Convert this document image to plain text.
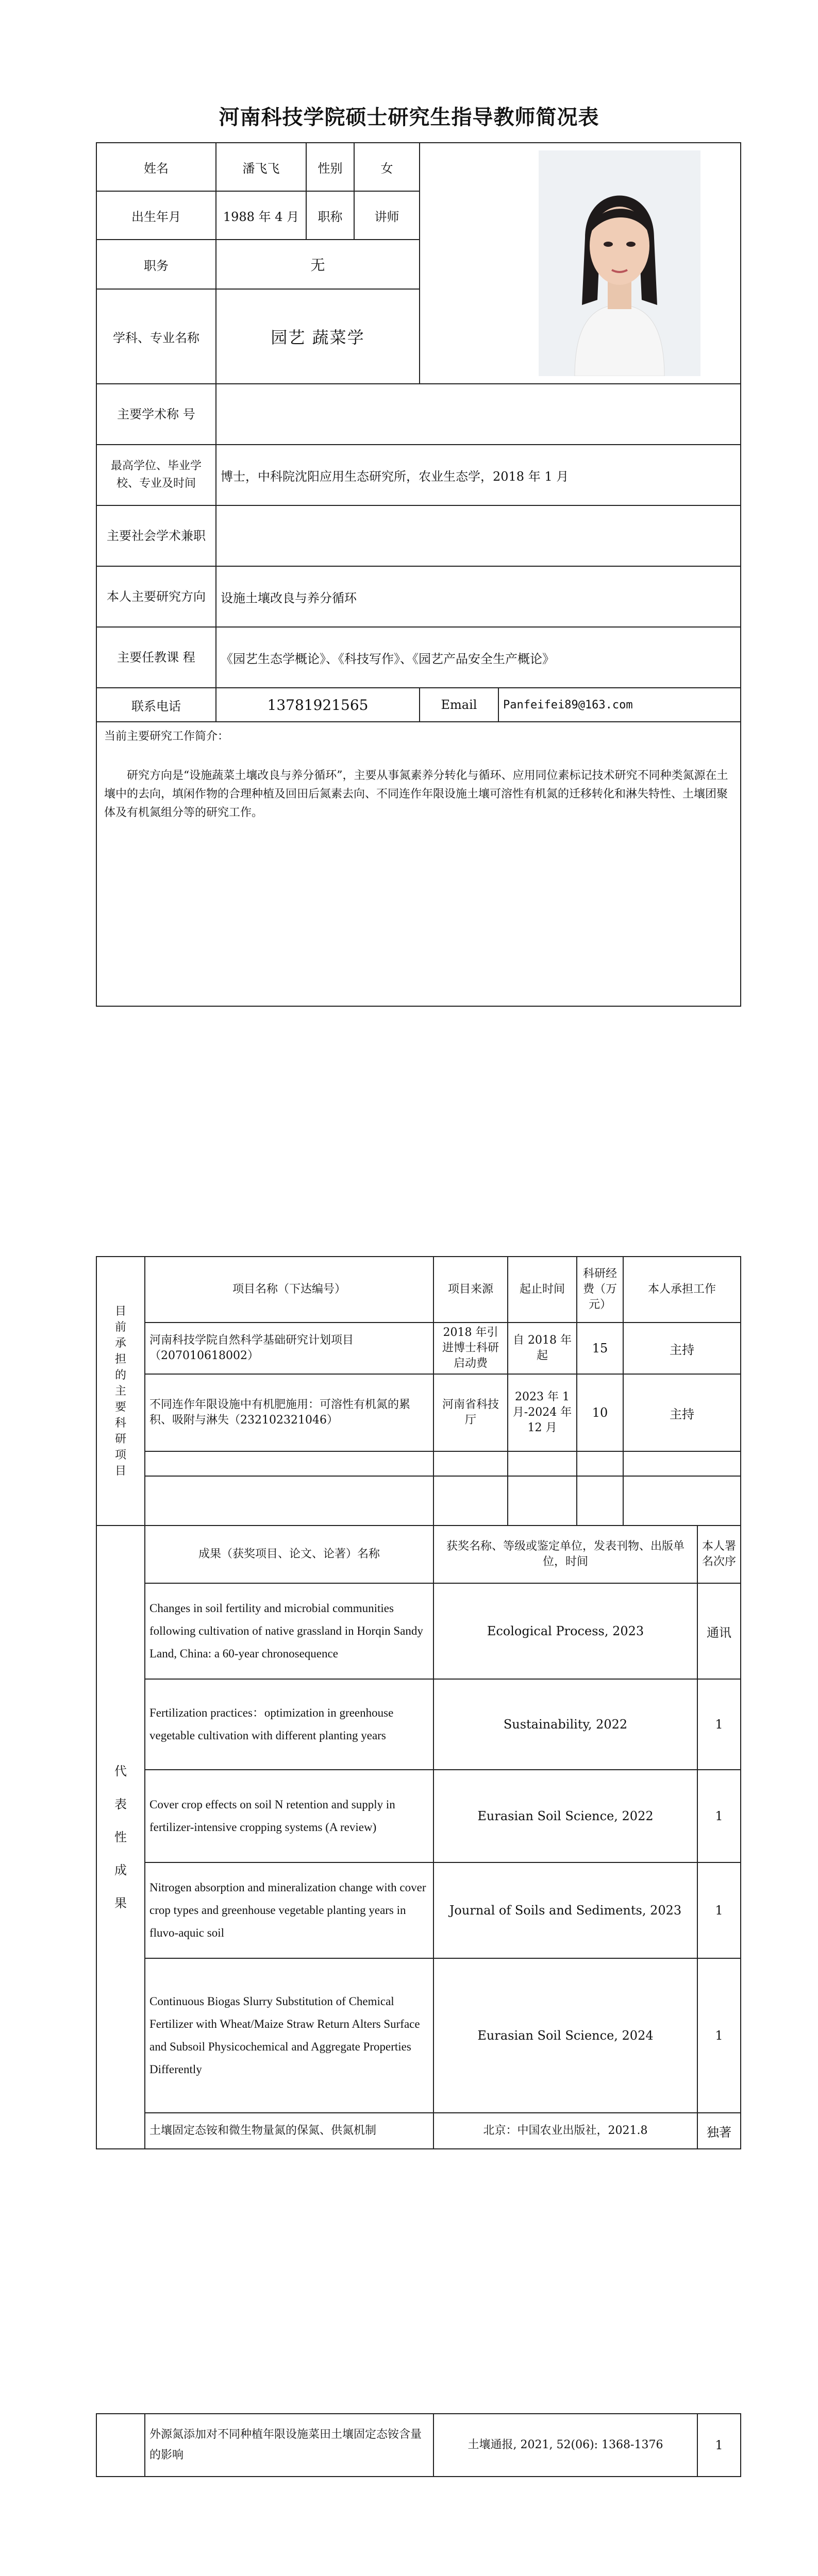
河南科技学院硕士研究生指导教师简况表
姓名	潘飞飞	性别	女		

出生年月	1988 年 4 月	职称	讲师		
职务	无				
学科、专业名称	园艺 蔬菜学				
主要学术称 号					
最高学位、毕业学校、专业及时间	博士，中科院沈阳应用生态研究所，农业生态学，2018 年 1 月				
主要社会学术兼职					
本人主要研究方向	设施土壤改良与养分循环				
主要任教课 程	《园艺生态学概论》、《科技写作》、《园艺产品安全生产概论》				
联系电话	13781921565			Email	Panfeifei89@163.com

当前主要研究工作简介：

研究方向是“设施蔬菜土壤改良与养分循环”，主要从事氮素养分转化与循环、应用同位素标记技术研究不同种类氮源在土壤中的去向，填闲作物的合理种植及回田后氮素去向、不同连作年限设施土壤可溶性有机氮的迁移转化和淋失特性、土壤团聚体及有机氮组分等的研究工作。					

目前承担的主要科研项目	项目名称（下达编号）	项目来源	起止时间	科研经费（万元）	本人承担工作	
	河南科技学院自然科学基础研究计划项目（207010618002）	2018 年引进博士科研启动费	自 2018 年起	15	主持	
	不同连作年限设施中有机肥施用：可溶性有机氮的累积、吸附与淋失（232102321046）	河南省科技厅	2023 年 1 月-2024 年 12 月	10	主持	

代表性成果	成果（获奖项目、论文、论著）名称	获奖名称、等级或鉴定单位，发表刊物、出版单位，时间				本人署名次序
	Changes in soil fertility and microbial communities following cultivation of native grassland in Horqin Sandy Land, China: a 60-year chronosequence	Ecological Process, 2023				通讯
	Fertilization practices：optimization in greenhouse vegetable cultivation with different planting years	Sustainability, 2022				1
	Cover crop effects on soil N retention and supply in fertilizer-intensive cropping systems (A review)	Eurasian Soil Science, 2022				1
	Nitrogen absorption and mineralization change with cover crop types and greenhouse vegetable planting years in fluvo-aquic soil	Journal of Soils and Sediments, 2023				1
	Continuous Biogas Slurry Substitution of Chemical Fertilizer with Wheat/Maize Straw Return Alters Surface and Subsoil Physicochemical and Aggregate Properties Differently	Eurasian Soil Science, 2024				1
	土壤固定态铵和微生物量氮的保氮、供氮机制	北京：中国农业出版社，2021.8				独著
	外源氮添加对不同种植年限设施菜田土壤固定态铵含量的影响	土壤通报, 2021, 52(06): 1368-1376	1
